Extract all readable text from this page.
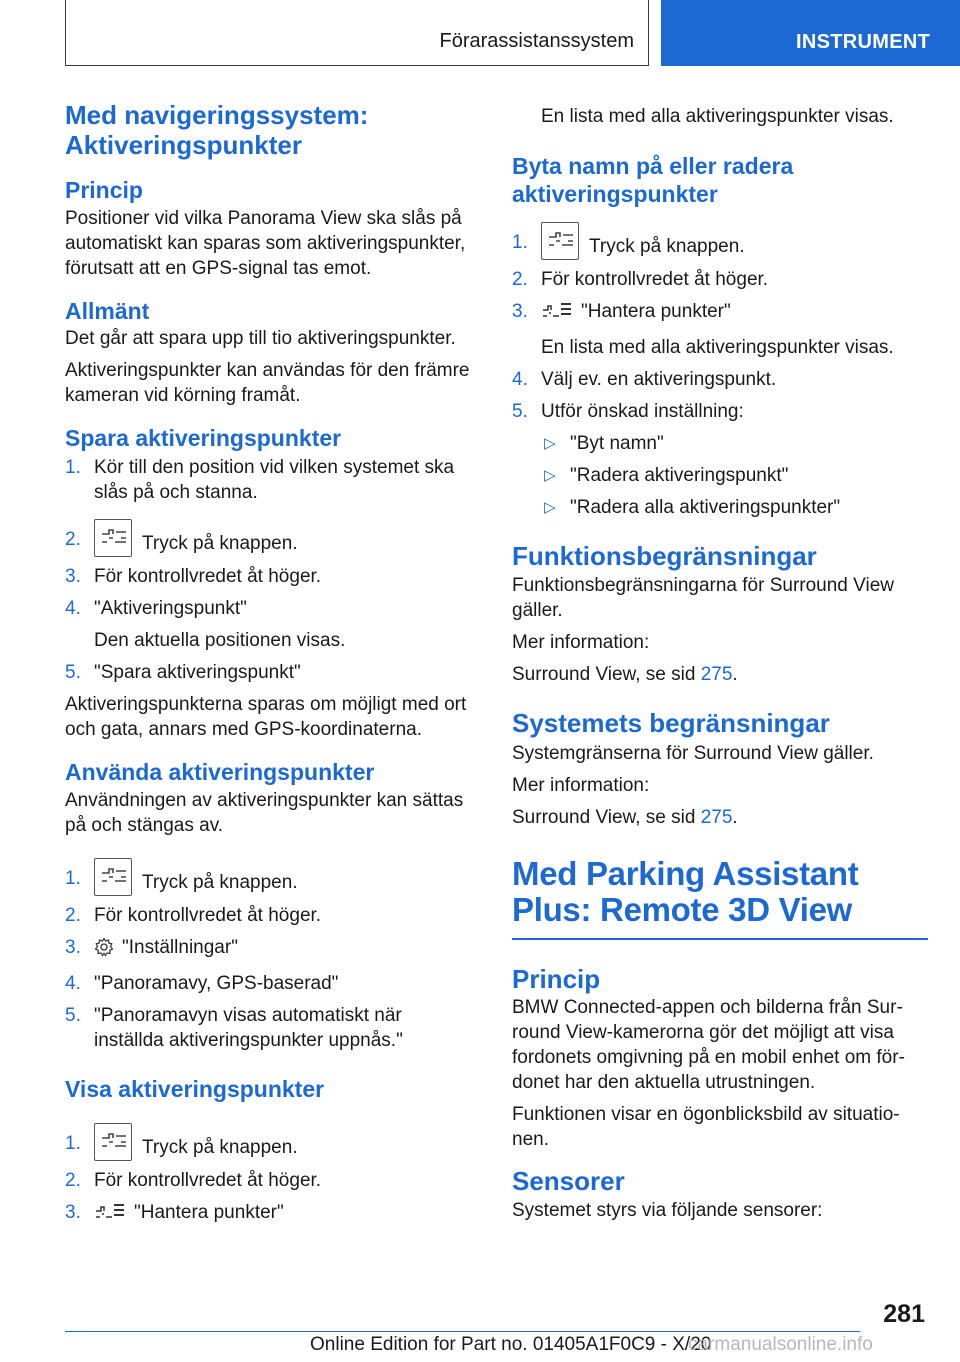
Förarassistanssystem	INSTRUMENT
Med navigeringssystem:
Aktiveringspunkter
Princip
Positioner vid vilka Panorama View ska slås på automatiskt kan sparas som aktiveringspunkter, förutsatt att en GPS-signal tas emot.
Allmänt
Det går att spara upp till tio aktiveringspunkter.
Aktiveringspunkter kan användas för den främre kameran vid körning framåt.
Spara aktiveringspunkter
1. Kör till den position vid vilken systemet ska slås på och stanna.
2.	Tryck på knappen.
3. För kontrollvredet åt höger.
4. "Aktiveringspunkt"
Den aktuella positionen visas.
5. "Spara aktiveringspunkt"
Aktiveringspunkterna sparas om möjligt med ort och gata, annars med GPS-koordinaterna.
Använda aktiveringspunkter
Användningen av aktiveringspunkter kan sättas på och stängas av.
1.	Tryck på knappen.
2. För kontrollvredet åt höger.
3. "Inställningar"
4. "Panoramavy, GPS-baserad"
5. "Panoramavyn visas automatiskt när inställda aktiveringspunkter uppnås."
Visa aktiveringspunkter
1.	Tryck på knappen.
2. För kontrollvredet åt höger.
3.	"Hantera punkter"
En lista med alla aktiveringspunkter visas.
Byta namn på eller radera
aktiveringspunkter
1.	Tryck på knappen.
2. För kontrollvredet åt höger.
3.	"Hantera punkter"
En lista med alla aktiveringspunkter visas.
4. Välj ev. en aktiveringspunkt.
5. Utför önskad inställning:
▷ "Byt namn"
▷ "Radera aktiveringspunkt"
▷ "Radera alla aktiveringspunkter"
Funktionsbegränsningar
Funktionsbegränsningarna för Surround View gäller.
Mer information:
Surround View, se sid 275.
Systemets begränsningar
Systemgränserna för Surround View gäller.
Mer information:
Surround View, se sid 275.
Med Parking Assistant
Plus: Remote 3D View
Princip
BMW Connected-appen och bilderna från Surround View-kamerorna gör det möjligt att visa fordonets omgivning på en mobil enhet om fördonet har den aktuella utrustningen.
Funktionen visar en ögonblicksbild av situationen.
Sensorer
Systemet styrs via följande sensorer:
281
Online Edition for Part no. 01405A1F0C9 - X/20
carmanualsonline.info
